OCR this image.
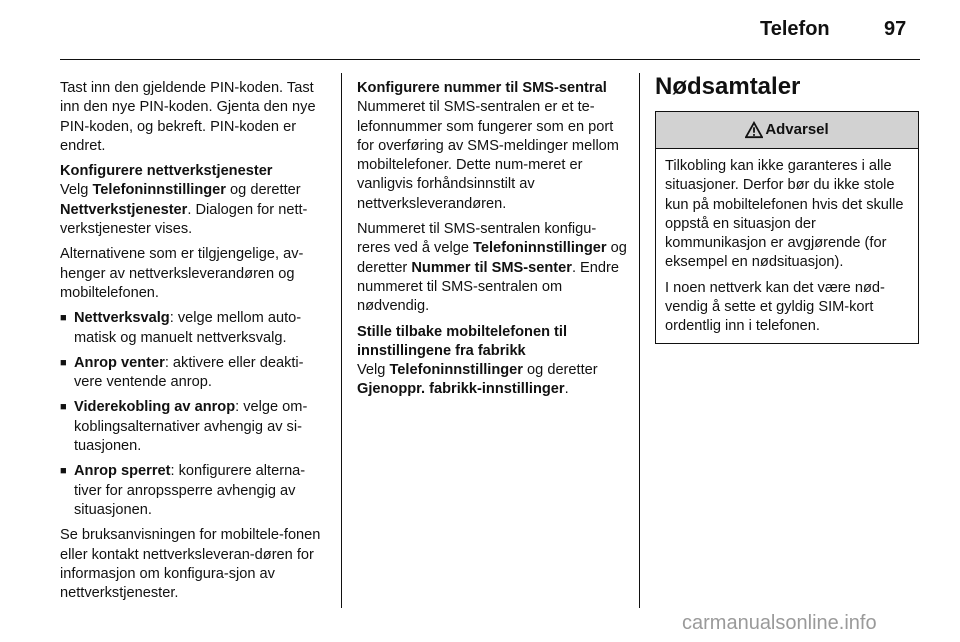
Telefon	97

Tast inn den gjeldende PIN-koden. Tast inn den nye PIN-koden. Gjenta den nye PIN-koden, og bekreft. PIN-koden er endret.

Konfigurere nettverkstjenester

Velg Telefoninnstillinger og deretter Nettverkstjenester. Dialogen for nett-verkstjenester vises.

Alternativene som er tilgjengelige, av-henger av nettverksleverandøren og mobiltelefonen.

■ Nettverksvalg: velge mellom auto-matisk og manuelt nettverksvalg.
■ Anrop venter: aktivere eller deakti-vere ventende anrop.
■ Viderekobling av anrop: velge om-koblingsalternativer avhengig av si-tuasjonen.
■ Anrop sperret: konfigurere alterna-tiver for anropssperre avhengig av situasjonen.

Se bruksanvisningen for mobiltele-fonen eller kontakt nettverksleveran-døren for informasjon om konfigura-sjon av nettverkstjenester.

Konfigurere nummer til SMS-sentral

Nummeret til SMS-sentralen er et te-lefonnummer som fungerer som en port for overføring av SMS-meldinger mellom mobiltelefoner. Dette num-meret er vanligvis forhåndsinnstilt av nettverksleverandøren.

Nummeret til SMS-sentralen konfigu-reres ved å velge Telefoninnstillinger og deretter Nummer til SMS-senter. Endre nummeret til SMS-sentralen om nødvendig.

Stille tilbake mobiltelefonen til innstillingene fra fabrikk

Velg Telefoninnstillinger og deretter Gjenoppr. fabrikk-innstillinger.

Nødsamtaler
Advarsel

Tilkobling kan ikke garanteres i alle situasjoner. Derfor bør du ikke stole kun på mobiltelefonen hvis det skulle oppstå en situasjon der kommunikasjon er avgjørende (for eksempel en nødsituasjon).

I noen nettverk kan det være nød-vendig å sette et gyldig SIM-kort ordentlig inn i telefonen.

carmanualsonline.info
